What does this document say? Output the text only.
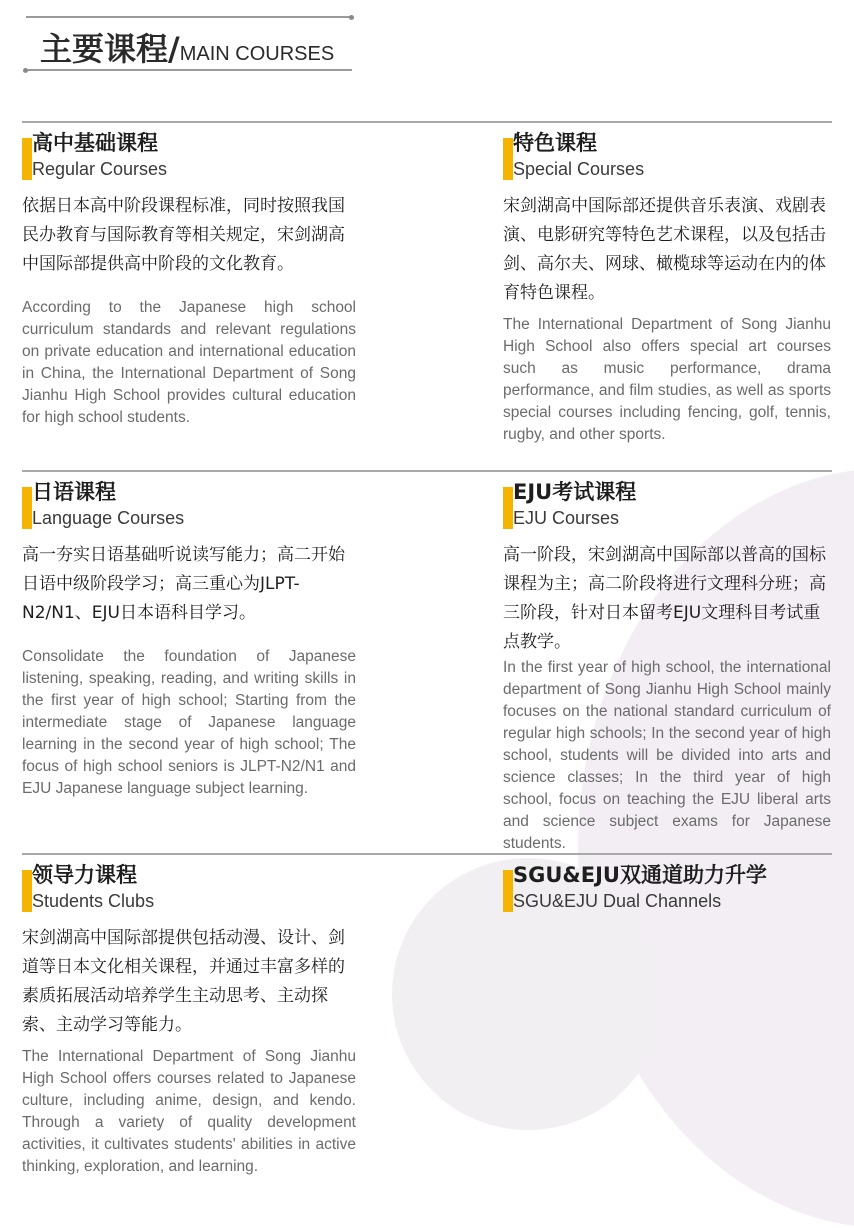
主要课程/MAIN COURSES
高中基础课程
Regular Courses
依据日本高中阶段课程标准，同时按照我国民办教育与国际教育等相关规定，宋剑湖高中国际部提供高中阶段的文化教育。
According to the Japanese high school curriculum standards and relevant regulations on private education and international education in China, the International Department of Song Jianhu High School provides cultural education for high school students.
特色课程
Special Courses
宋剑湖高中国际部还提供音乐表演、戏剧表演、电影研究等特色艺术课程，以及包括击剑、高尔夫、网球、橄榄球等运动在内的体育特色课程。
The International Department of Song Jianhu High School also offers special art courses such as music performance, drama performance, and film studies, as well as sports special courses including fencing, golf, tennis, rugby, and other sports.
日语课程
Language Courses
高一夯实日语基础听说读写能力；高二开始日语中级阶段学习；高三重心为JLPT-N2/N1、EJU日本语科目学习。
Consolidate the foundation of Japanese listening, speaking, reading, and writing skills in the first year of high school; Starting from the intermediate stage of Japanese language learning in the second year of high school; The focus of high school seniors is JLPT-N2/N1 and EJU Japanese language subject learning.
EJU考试课程
EJU Courses
高一阶段，宋剑湖高中国际部以普高的国标课程为主；高二阶段将进行文理科分班；高三阶段，针对日本留考EJU文理科目考试重点教学。
In the first year of high school, the international department of Song Jianhu High School mainly focuses on the national standard curriculum of regular high schools; In the second year of high school, students will be divided into arts and science classes; In the third year of high school, focus on teaching the EJU liberal arts and science subject exams for Japanese students.
领导力课程
Students Clubs
宋剑湖高中国际部提供包括动漫、设计、剑道等日本文化相关课程，并通过丰富多样的素质拓展活动培养学生主动思考、主动探索、主动学习等能力。
The International Department of Song Jianhu High School offers courses related to Japanese culture, including anime, design, and kendo. Through a variety of quality development activities, it cultivates students' abilities in active thinking, exploration, and learning.
SGU&EJU双通道助力升学
SGU&EJU Dual Channels
